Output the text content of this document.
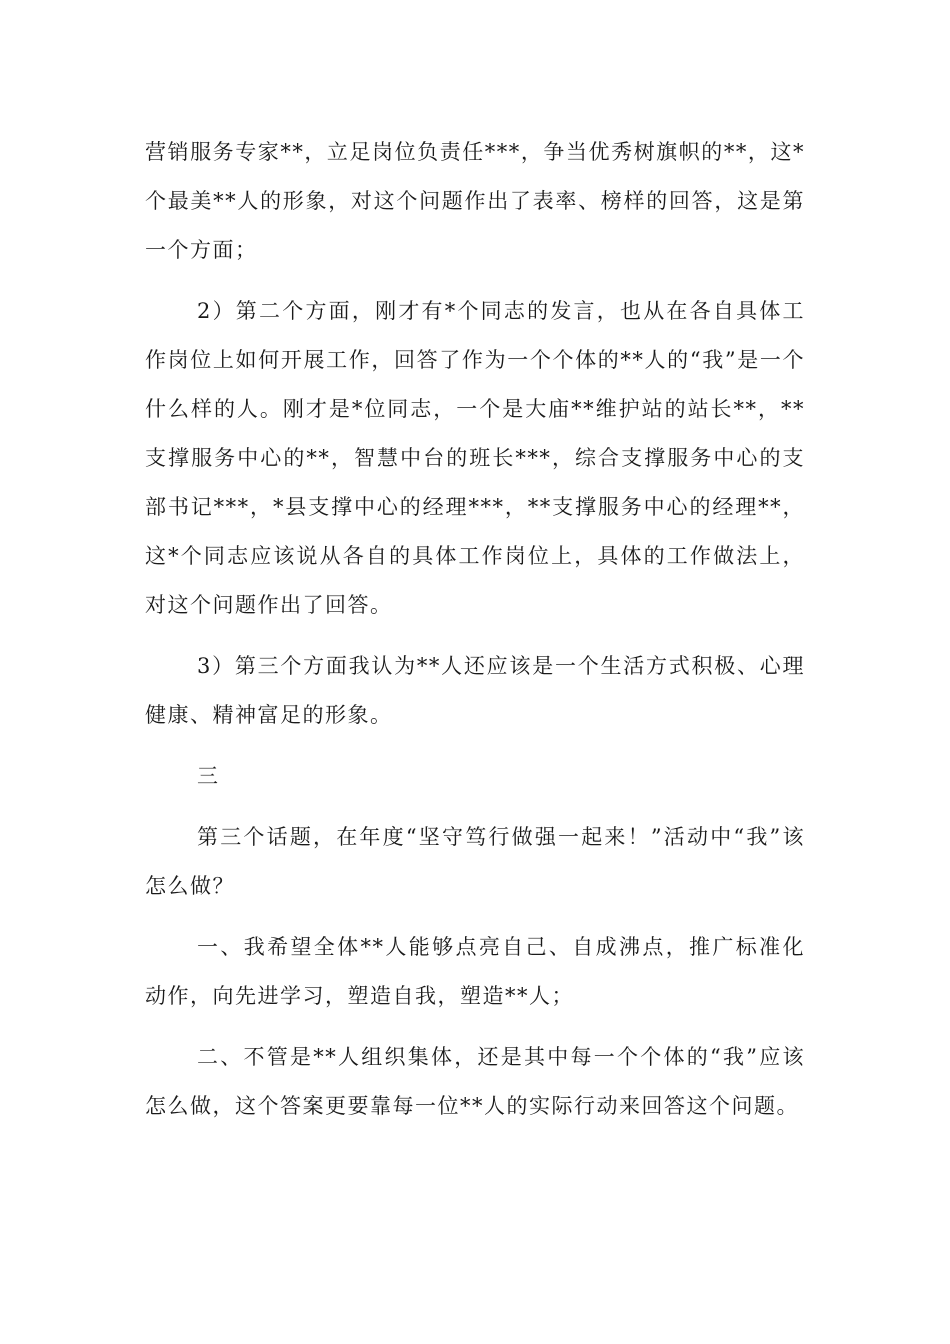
营销服务专家**，立足岗位负责任***，争当优秀树旗帜的**，这*个最美**人的形象，对这个问题作出了表率、榜样的回答，这是第一个方面；

2）第二个方面，刚才有*个同志的发言，也从在各自具体工作岗位上如何开展工作，回答了作为一个个体的**人的“我”是一个什么样的人。刚才是*位同志，一个是大庙**维护站的站长**，**支撑服务中心的**，智慧中台的班长***，综合支撑服务中心的支部书记***，*县支撑中心的经理***，**支撑服务中心的经理**，这*个同志应该说从各自的具体工作岗位上，具体的工作做法上，对这个问题作出了回答。

3）第三个方面我认为**人还应该是一个生活方式积极、心理健康、精神富足的形象。

三

第三个话题，在年度“坚守笃行做强一起来！”活动中“我”该怎么做？

一、我希望全体**人能够点亮自己、自成沸点，推广标准化动作，向先进学习，塑造自我，塑造**人；

二、不管是**人组织集体，还是其中每一个个体的“我”应该怎么做，这个答案更要靠每一位**人的实际行动来回答这个问题。
